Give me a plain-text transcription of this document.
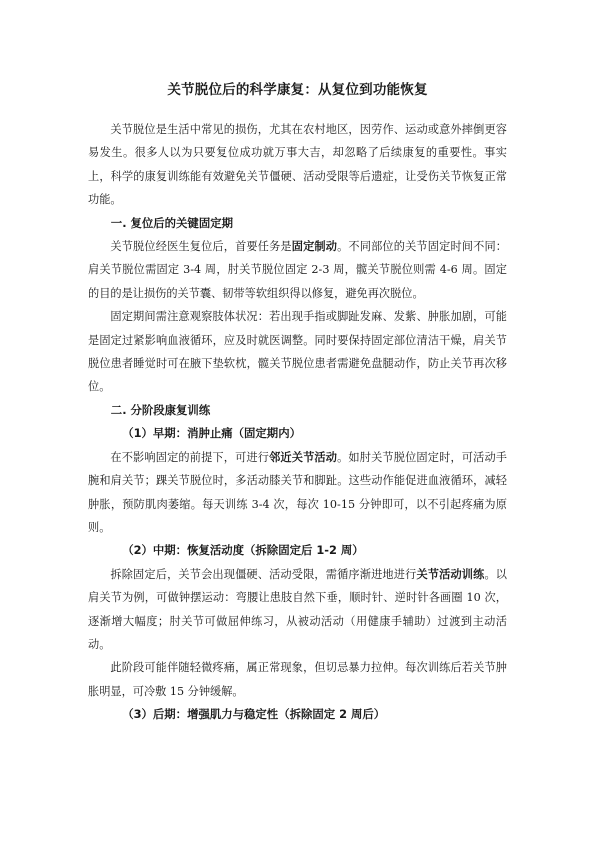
关节脱位后的科学康复：从复位到功能恢复

关节脱位是生活中常见的损伤，尤其在农村地区，因劳作、运动或意外摔倒更容易发生。很多人以为只要复位成功就万事大吉，却忽略了后续康复的重要性。事实上，科学的康复训练能有效避免关节僵硬、活动受限等后遗症，让受伤关节恢复正常功能。

一. 复位后的关键固定期

关节脱位经医生复位后，首要任务是固定制动。不同部位的关节固定时间不同：肩关节脱位需固定 3-4 周，肘关节脱位固定 2-3 周，髋关节脱位则需 4-6 周。固定的目的是让损伤的关节囊、韧带等软组织得以修复，避免再次脱位。

固定期间需注意观察肢体状况：若出现手指或脚趾发麻、发紫、肿胀加剧，可能是固定过紧影响血液循环，应及时就医调整。同时要保持固定部位清洁干燥，肩关节脱位患者睡觉时可在腋下垫软枕，髋关节脱位患者需避免盘腿动作，防止关节再次移位。

二. 分阶段康复训练
（1）早期：消肿止痛（固定期内）

在不影响固定的前提下，可进行邻近关节活动。如肘关节脱位固定时，可活动手腕和肩关节；踝关节脱位时，多活动膝关节和脚趾。这些动作能促进血液循环，减轻肿胀，预防肌肉萎缩。每天训练 3-4 次，每次 10-15 分钟即可，以不引起疼痛为原则。

（2）中期：恢复活动度（拆除固定后 1-2 周）

拆除固定后，关节会出现僵硬、活动受限，需循序渐进地进行关节活动训练。以肩关节为例，可做钟摆运动：弯腰让患肢自然下垂，顺时针、逆时针各画圈 10 次，逐渐增大幅度；肘关节可做屈伸练习，从被动活动（用健康手辅助）过渡到主动活动。

此阶段可能伴随轻微疼痛，属正常现象，但切忌暴力拉伸。每次训练后若关节肿胀明显，可冷敷 15 分钟缓解。

（3）后期：增强肌力与稳定性（拆除固定 2 周后）
